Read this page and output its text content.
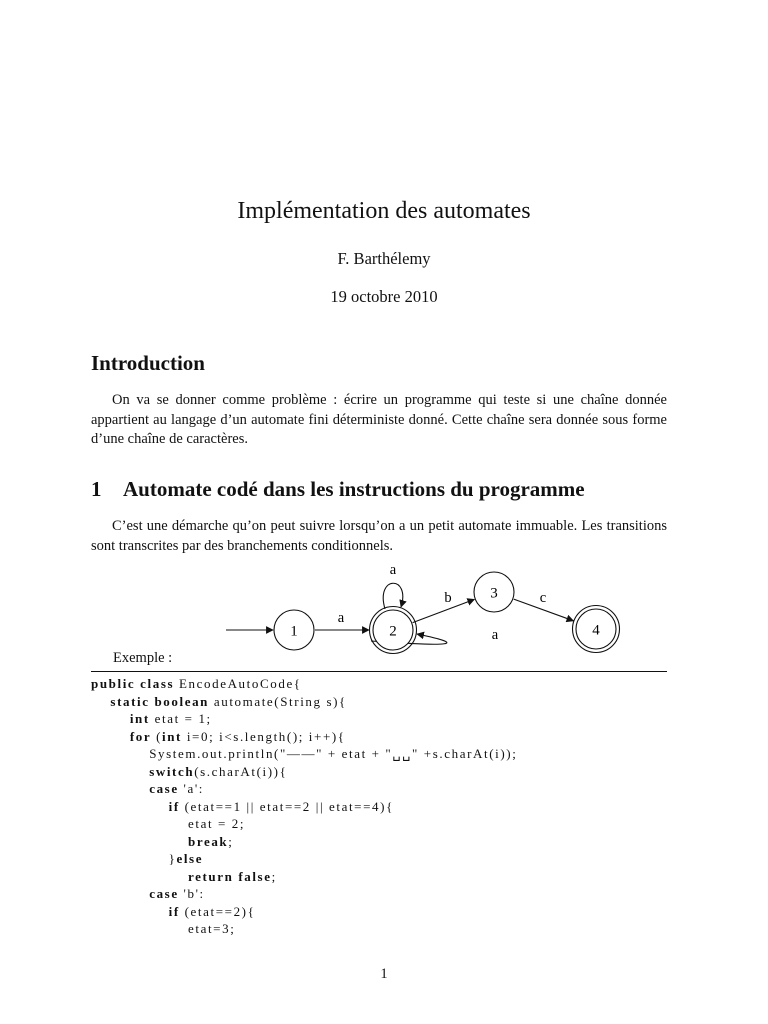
Implémentation des automates
F. Barthélemy
19 octobre 2010
Introduction
On va se donner comme problème : écrire un programme qui teste si une chaîne donnée appartient au langage d’un automate fini déterministe donné. Cette chaîne sera donnée sous forme d’une chaîne de caractères.
1 Automate codé dans les instructions du programme
C’est une démarche qu’on peut suivre lorsqu’on a un petit automate immuable. Les transitions sont transcrites par des branchements conditionnels.
a
a
b	c
a
1	2
3
4
Exemple :
public class EncodeAutoCode{
static boolean automate(String s){
int etat = 1;
for (int i=0; i<s.length(); i++){
System.out.println("——" + etat + "␣␣" +s.charAt(i));
switch(s.charAt(i)){
case 'a':
if (etat==1 || etat==2 || etat==4){
etat = 2;
break;
}else
return false;
case 'b':
if (etat==2){
etat=3;
1
